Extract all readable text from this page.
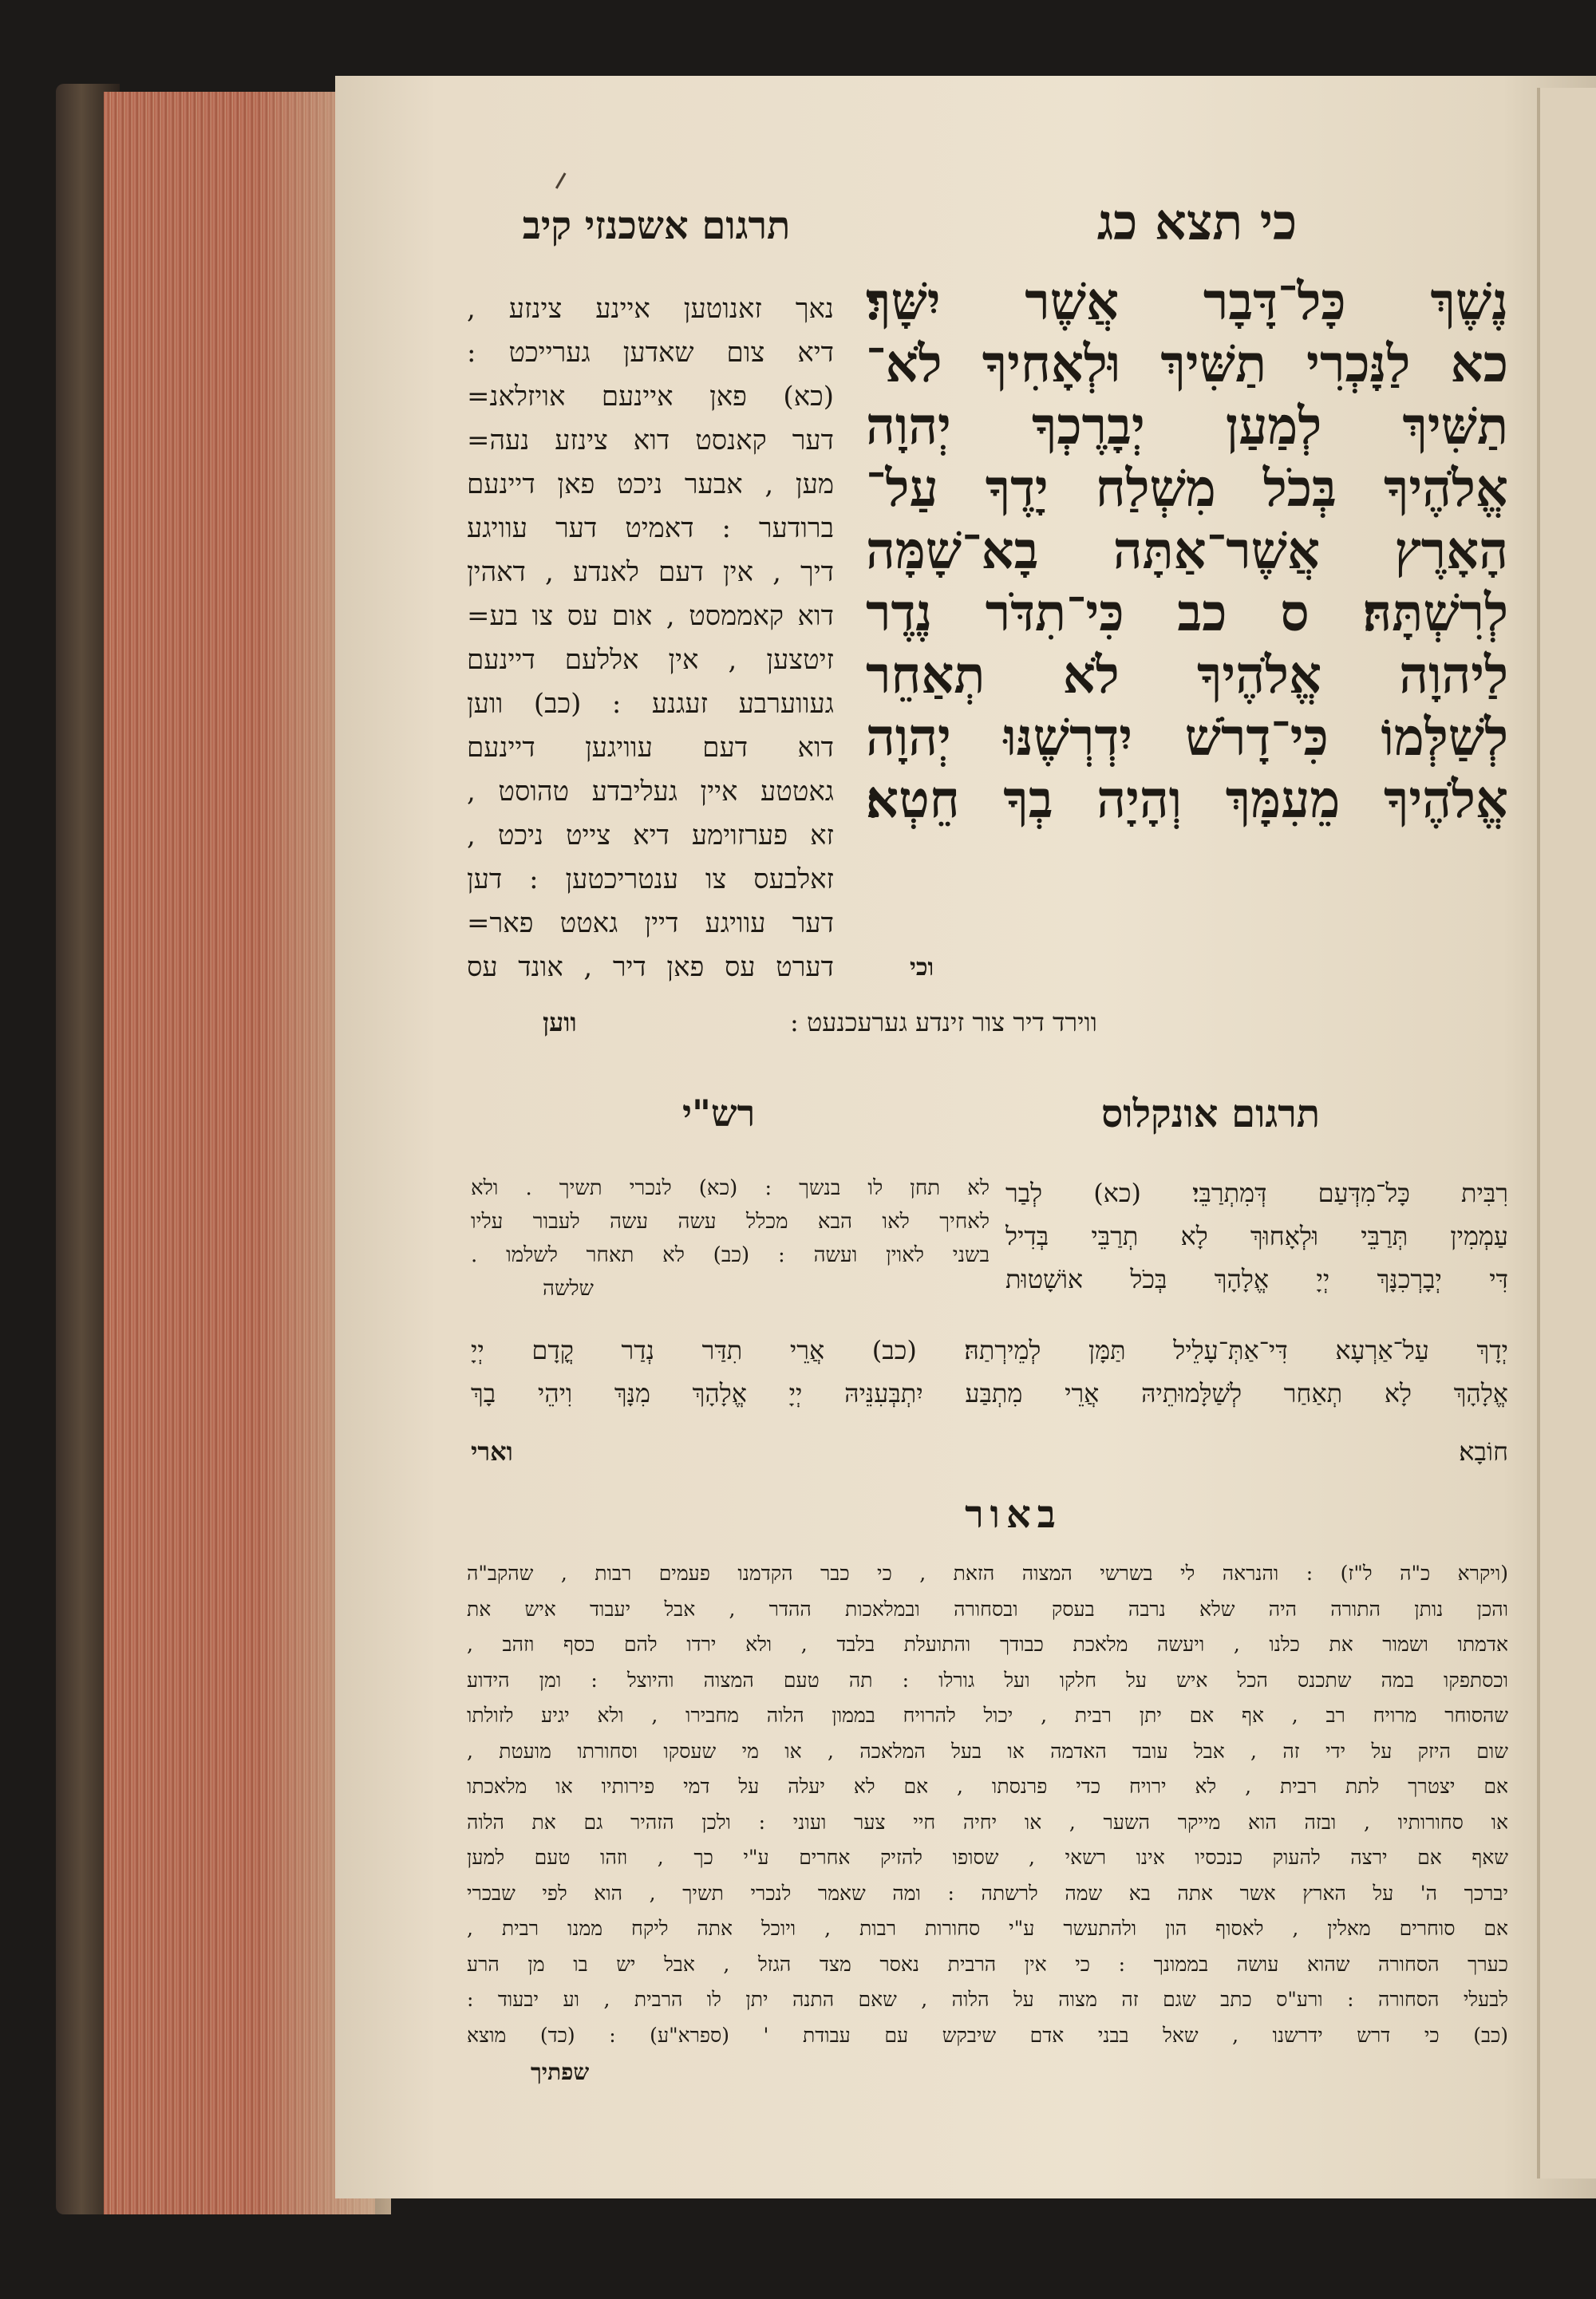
תרגום אשכנזי קיב	כי תצא כג
נֶשֶׁךְ כָּל־דָּבָר אֲשֶׁר יִשָּׁךְ׃
כא לַנָּכְרִי תַשִּׁיךְ וּלְאָחִיךָ לֹא־
תַשִּׁיךְ לְמַעַן יְבָרֶכְךָ יְהוָה
אֱלֹהֶיךָ בְּכֹל מִשְׁלַח יָדֶךָ עַל־
הָאָרֶץ אֲשֶׁר־אַתָּה בָא־שָׁמָּה
לְרִשְׁתָּהּ׃ ס כב כִּי־תִדֹּר נֶדֶר
לַיהוָה אֱלֹהֶיךָ לֹא תְאַחֵר
לְשַׁלְּמוֹ כִּי־דָרֹשׁ יִדְרְשֶׁנּוּ יְהוָה
אֱלֹהֶיךָ מֵעִמָּךְ וְהָיָה בְךָ חֵטְא׃
וכי
נאך זאנוטען איינע צינזע ,
דיא צום שאדען גערייכט :
(כא) פאן איינעם אויזלאנ=
דער קאנסט דוא צינזע נעה=
מען , אבער ניכט פאן דיינעם
ברודער : דאמיט דער עוויגע
דיך , אין דעם לאנדע , דאהין
דוא קאממסט , אום עס צו בע=
זיטצען , אין אללעם דיינעם
געווערבע זעגנע : (כב) ווען
דוא דעם עוויגען דיינעם
גאטטע איין געליבדע טהוסט ,
זא פערזוימע דיא צייט ניכט ,
זאלבעס צו ענטריכטען : דען
דער עוויגע דיין גאטט פאר=
דערט עס פאן דיר , אונד עס
ווירד דיר צור זינדע גערעכנעט :
ווען
תרגום אונקלוס
רש"י
רִבִּית כָּל־מִדְּעַם דְּמִתְרַבֵּי׃ (כא) לְבַר
עַמְמִין תְּרַבֵּי וּלְאָחוּךְ לָא תְרַבֵּי בְּדִיל
דִּי יְבָרְכִנָּךְ יְיָ אֱלָהָךְ בְּכֹל אוֹשָׁטוּת
לא תחן לו בנשך : (כא) לנכרי תשיך . ולא
לאחיך לאו הבא מכלל עשה עשה לעבור עליו
בשני לאוין ועשה : (כב) לא תאחר לשלמו .
שלשה
יְדָךְ עַל־אַרְעָא דִּי־אַתְּ־עָלֵיל תַּמָּן לְמֵירְתַהּ׃ (כב) אֲרֵי תִדַּר נְדַר קֳדָם יְיָ
אֱלָהָךְ לָא תְאַחַר לְשַׁלָּמוּתֵיהּ אֲרֵי מִתְבַּע יִתְבְּעִנֵּיהּ יְיָ אֱלָהָךְ מִנָּךְ וִיהֵי בָךְ
חוֹבָא׃
וארי
באור
(ויקרא כ"ה ל"ז) : והנראה לי בשרשי המצוה הזאת , כי כבר הקדמנו פעמים רבות , שהקב"ה
והכן נותן התורה היה שלא נרבה בעסק ובסחורה ובמלאכות ההדר , אבל יעבוד איש את
אדמתו ושמור את כלנו , ויעשה מלאכת כבודך והתועלת בלבד , ולא ירדו להם כסף וזהב ,
וכסתפקו במה שתכנס הכל איש על חלקו ועל גורלו : תה טעם המצוה והיוצל : ומן הידוע
שהסוחר מרויח רב , אף אם יתן רבית , יכול להרויח בממון הלוה מחבירו , ולא יגיע לזולתו
שום היזק על ידי זה , אבל עובד האדמה או בעל המלאכה , או מי שעסקו וסחורתו מועטת ,
אם יצטרך לתת רבית , לא ירויח כדי פרנסתו , אם לא יעלה על דמי פירותיו או מלאכתו
או סחורותיו , ובזה הוא מייקר השער , או יחיה חיי צער ועוני : ולכן הזהיר גם את הלוה
שאף אם ירצה להעוק כנכסיו אינו רשאי , שסופו להזיק אחרים ע"י כך , וזהו טעם למען
יברכך ה' על הארץ אשר אתה בא שמה לרשתה : ומה שאמר לנכרי תשיך , הוא לפי שבכרי
אם סוחרים מאלין , לאסוף הון ולהתעשר ע"י סחורות רבות , ויוכל אתה ליקח ממנו רבית ,
כערך הסחורה שהוא עושה בממונך : כי אין הרבית נאסר מצד הגזל , אבל יש בו מן הרע
לבעלי הסחורה : ורע"ס כתב שגם זה מצוה על הלוה , שאם התנה יתן לו הרבית , וע יבעוד :
(כב) כי דרש ידרשנו , שאל בבני אדם שיבקש עם עבודת ' (ספרא"ע) : (כד) מוצא
שפתיך
